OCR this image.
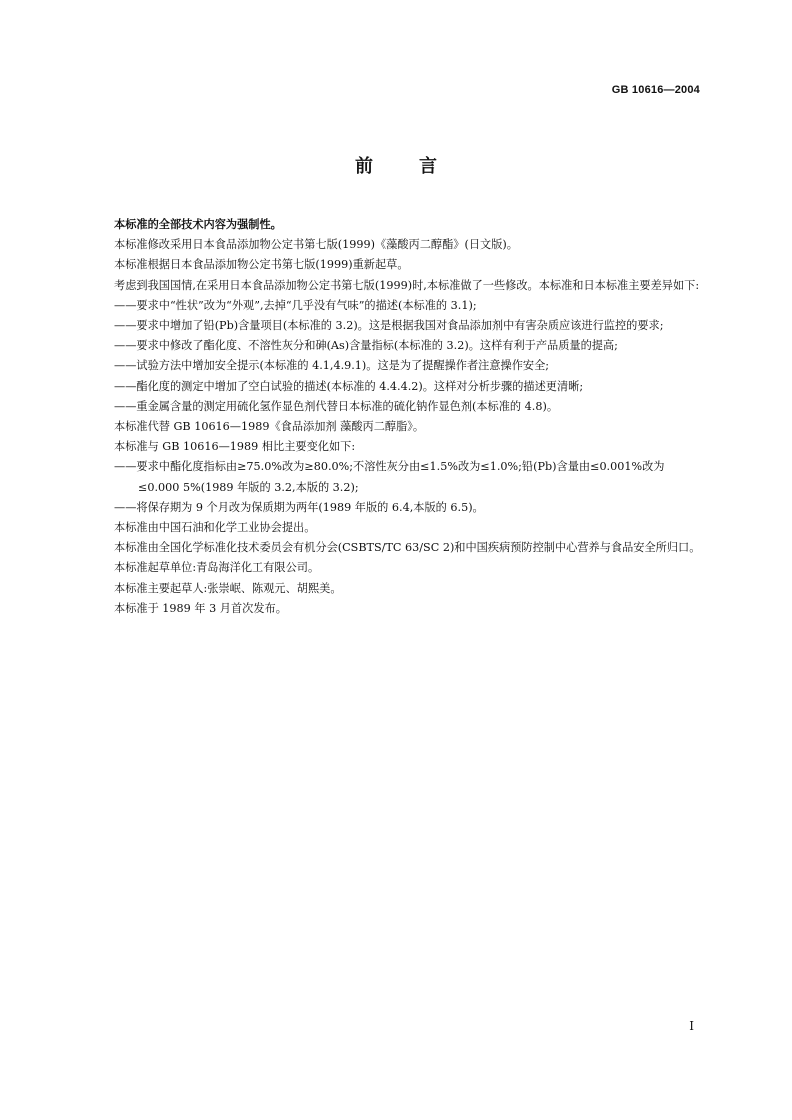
GB 10616—2004
前	言

本标准的全部技术内容为强制性。

本标准修改采用日本食品添加物公定书第七版(1999)《藻酸丙二醇酯》(日文版)。

本标准根据日本食品添加物公定书第七版(1999)重新起草。

考虑到我国国情,在采用日本食品添加物公定书第七版(1999)时,本标准做了一些修改。本标准和日本标准主要差异如下:

——要求中“性状”改为“外观”,去掉“几乎没有气味”的描述(本标准的 3.1);

——要求中增加了铅(Pb)含量项目(本标准的 3.2)。这是根据我国对食品添加剂中有害杂质应该进行监控的要求;

——要求中修改了酯化度、不溶性灰分和砷(As)含量指标(本标准的 3.2)。这样有利于产品质量的提高;

——试验方法中增加安全提示(本标准的 4.1,4.9.1)。这是为了提醒操作者注意操作安全;

——酯化度的测定中增加了空白试验的描述(本标准的 4.4.4.2)。这样对分析步骤的描述更清晰;

——重金属含量的测定用硫化氢作显色剂代替日本标准的硫化钠作显色剂(本标准的 4.8)。

本标准代替 GB 10616—1989《食品添加剂 藻酸丙二醇脂》。

本标准与 GB 10616—1989 相比主要变化如下:

——要求中酯化度指标由≥75.0%改为≥80.0%;不溶性灰分由≤1.5%改为≤1.0%;铅(Pb)含量由≤0.001%改为≤0.000 5%(1989 年版的 3.2,本版的 3.2);

——将保存期为 9 个月改为保质期为两年(1989 年版的 6.4,本版的 6.5)。

本标准由中国石油和化学工业协会提出。

本标准由全国化学标准化技术委员会有机分会(CSBTS/TC 63/SC 2)和中国疾病预防控制中心营养与食品安全所归口。

本标准起草单位:青岛海洋化工有限公司。

本标准主要起草人:张崇岷、陈观元、胡熙美。

本标准于 1989 年 3 月首次发布。

I
